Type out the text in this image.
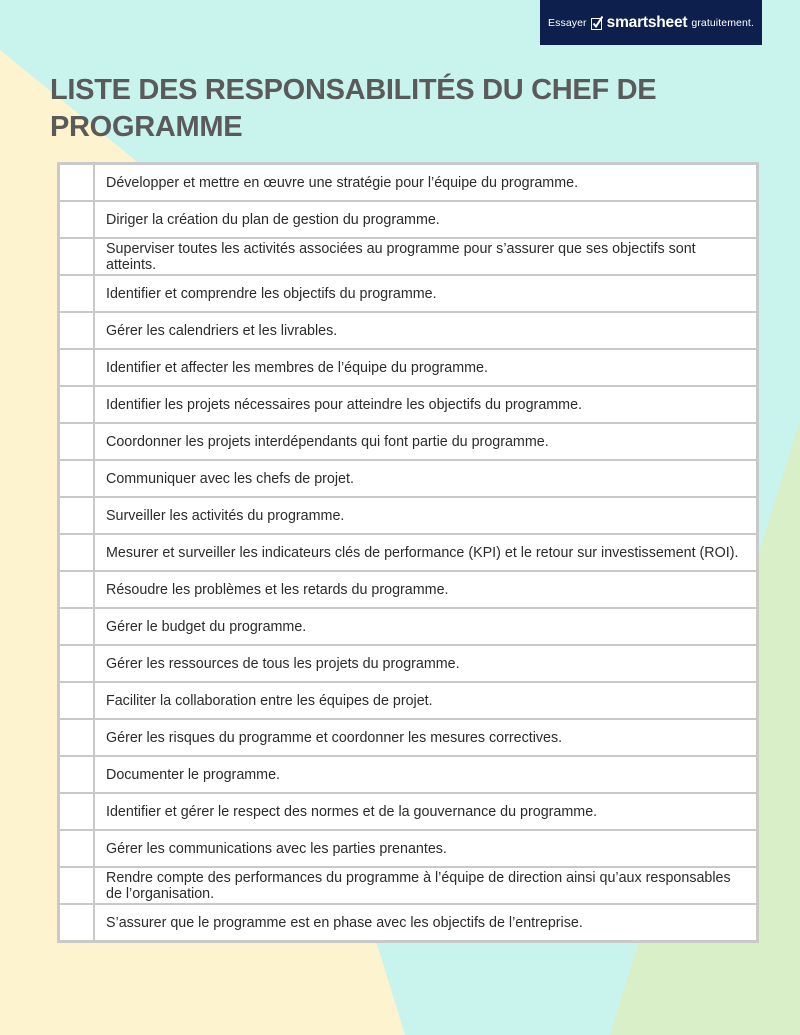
Essayer smartsheet gratuitement.
LISTE DES RESPONSABILITÉS DU CHEF DE PROGRAMME
Développer et mettre en œuvre une stratégie pour l’équipe du programme.
Diriger la création du plan de gestion du programme.
Superviser toutes les activités associées au programme pour s’assurer que ses objectifs sont atteints.
Identifier et comprendre les objectifs du programme.
Gérer les calendriers et les livrables.
Identifier et affecter les membres de l’équipe du programme.
Identifier les projets nécessaires pour atteindre les objectifs du programme.
Coordonner les projets interdépendants qui font partie du programme.
Communiquer avec les chefs de projet.
Surveiller les activités du programme.
Mesurer et surveiller les indicateurs clés de performance (KPI) et le retour sur investissement (ROI).
Résoudre les problèmes et les retards du programme.
Gérer le budget du programme.
Gérer les ressources de tous les projets du programme.
Faciliter la collaboration entre les équipes de projet.
Gérer les risques du programme et coordonner les mesures correctives.
Documenter le programme.
Identifier et gérer le respect des normes et de la gouvernance du programme.
Gérer les communications avec les parties prenantes.
Rendre compte des performances du programme à l’équipe de direction ainsi qu’aux responsables de l’organisation.
S’assurer que le programme est en phase avec les objectifs de l’entreprise.
